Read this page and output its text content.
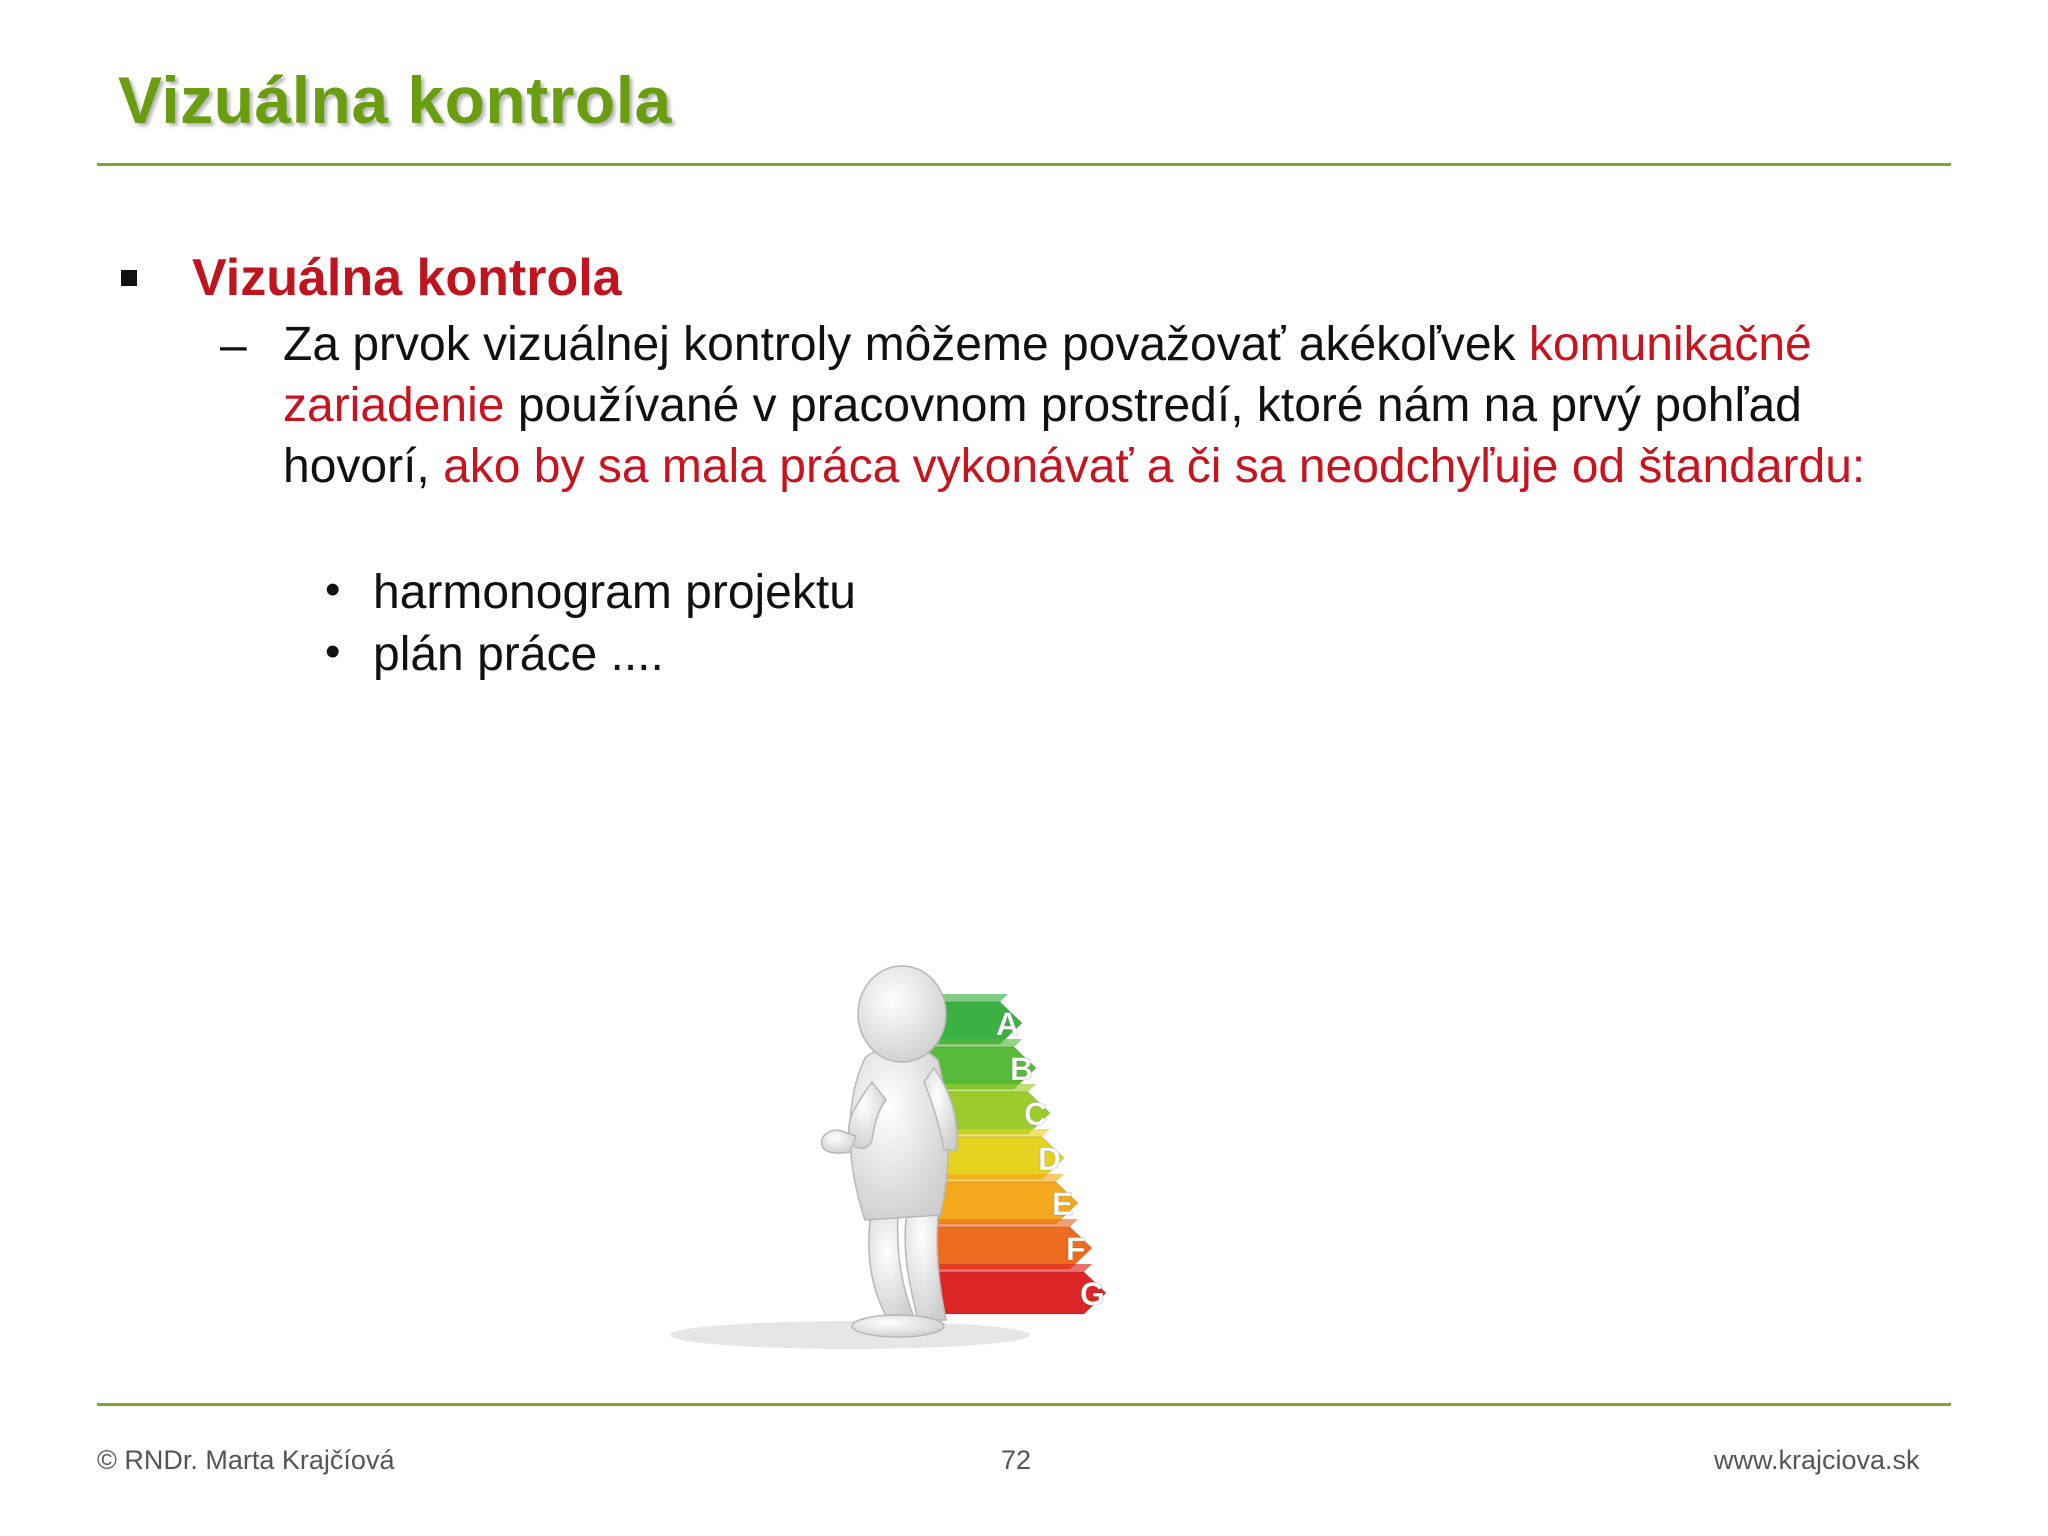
Vizuálna kontrola
Vizuálna kontrola
– Za prvok vizuálnej kontroly môžeme považovať akékoľvek komunikačné zariadenie používané v pracovnom prostredí, ktoré nám na prvý pohľad hovorí, ako by sa mala práca vykonávať a či sa neodchyľuje od štandardu:
• harmonogram projektu
• plán práce ....
A
B
C
D
E
F
G
© RNDr. Marta Krajčíová	72	www.krajciova.sk
